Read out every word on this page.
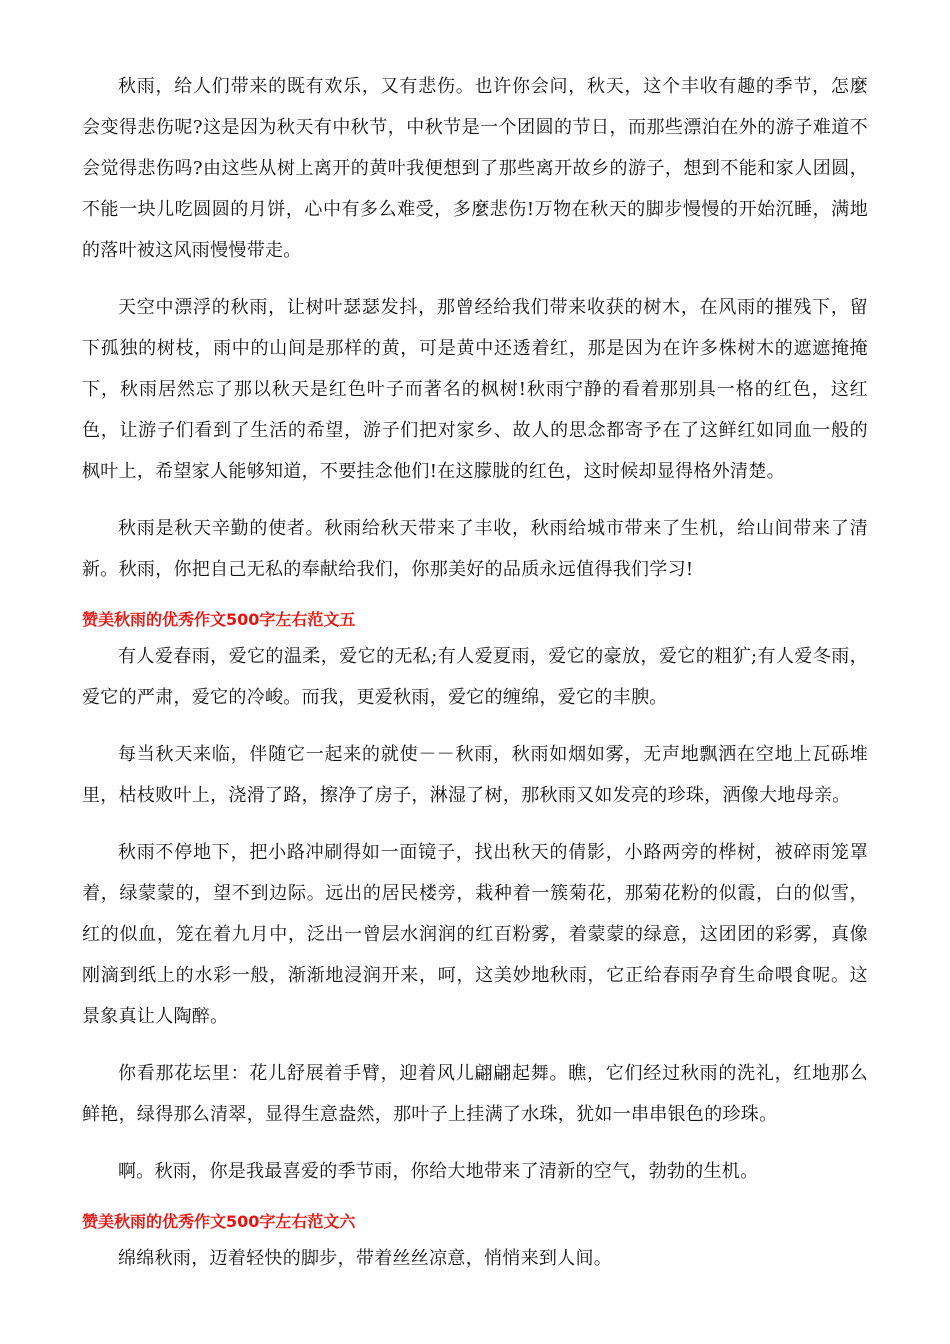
秋雨，给人们带来的既有欢乐，又有悲伤。也许你会问，秋天，这个丰收有趣的季节，怎麼会变得悲伤呢?这是因为秋天有中秋节，中秋节是一个团圆的节日，而那些漂泊在外的游子难道不会觉得悲伤吗?由这些从树上离开的黄叶我便想到了那些离开故乡的游子，想到不能和家人团圆，不能一块儿吃圆圆的月饼，心中有多么难受，多麼悲伤!万物在秋天的脚步慢慢的开始沉睡，满地的落叶被这风雨慢慢带走。

天空中漂浮的秋雨，让树叶瑟瑟发抖，那曾经给我们带来收获的树木，在风雨的摧残下，留下孤独的树枝，雨中的山间是那样的黄，可是黄中还透着红，那是因为在许多株树木的遮遮掩掩下，秋雨居然忘了那以秋天是红色叶子而著名的枫树!秋雨宁静的看着那别具一格的红色，这红色，让游子们看到了生活的希望，游子们把对家乡、故人的思念都寄予在了这鲜红如同血一般的枫叶上，希望家人能够知道，不要挂念他们!在这朦胧的红色，这时候却显得格外清楚。

秋雨是秋天辛勤的使者。秋雨给秋天带来了丰收，秋雨给城市带来了生机，给山间带来了清新。秋雨，你把自己无私的奉献给我们，你那美好的品质永远值得我们学习!

赞美秋雨的优秀作文500字左右范文五

有人爱春雨，爱它的温柔，爱它的无私;有人爱夏雨，爱它的豪放，爱它的粗犷;有人爱冬雨，爱它的严肃，爱它的冷峻。而我，更爱秋雨，爱它的缠绵，爱它的丰腴。

每当秋天来临，伴随它一起来的就使－－秋雨，秋雨如烟如雾，无声地飘洒在空地上瓦砾堆里，枯枝败叶上，浇滑了路，擦净了房子，淋湿了树，那秋雨又如发亮的珍珠，洒像大地母亲。

秋雨不停地下，把小路冲刷得如一面镜子，找出秋天的倩影，小路两旁的桦树，被碎雨笼罩着，绿蒙蒙的，望不到边际。远出的居民楼旁，栽种着一簇菊花，那菊花粉的似霞，白的似雪，红的似血，笼在着九月中，泛出一曾层水润润的红百粉雾，着蒙蒙的绿意，这团团的彩雾，真像刚滴到纸上的水彩一般，渐渐地浸润开来，呵，这美妙地秋雨，它正给春雨孕育生命喂食呢。这景象真让人陶醉。

你看那花坛里：花儿舒展着手臂，迎着风儿翩翩起舞。瞧，它们经过秋雨的洗礼，红地那么鲜艳，绿得那么清翠，显得生意盎然，那叶子上挂满了水珠，犹如一串串银色的珍珠。

啊。秋雨，你是我最喜爱的季节雨，你给大地带来了清新的空气，勃勃的生机。

赞美秋雨的优秀作文500字左右范文六

绵绵秋雨，迈着轻快的脚步，带着丝丝凉意，悄悄来到人间。
